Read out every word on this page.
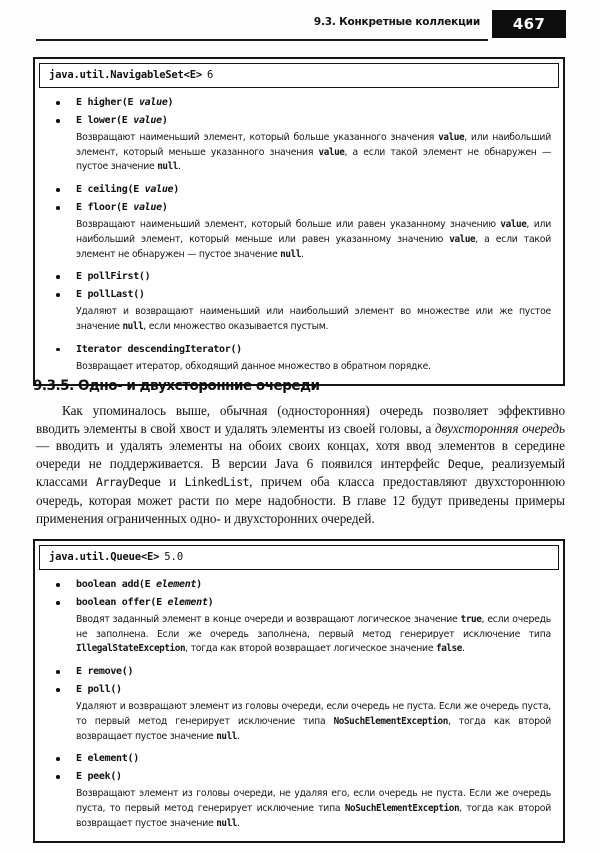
9.3. Конкретные коллекции	467
java.util.NavigableSet<E> 6
E higher(E value)
E lower(E value)

Возвращают наименьший элемент, который больше указанного значения value, или наибольший элемент, который меньше указанного значения value, а если такой элемент не обнаружен — пустое значение null.

E ceiling(E value)
E floor(E value)

Возвращают наименьший элемент, который больше или равен указанному значению value, или наибольший элемент, который меньше или равен указанному значению value, а если такой элемент не обнаружен — пустое значение null.

E pollFirst()
E pollLast()

Удаляют и возвращают наименьший или наибольший элемент во множестве или же пустое значение null, если множество оказывается пустым.

Iterator descendingIterator()

Возвращает итератор, обходящий данное множество в обратном порядке.

9.3.5. Одно- и двухсторонние очереди
Как упоминалось выше, обычная (односторонняя) очередь позволяет эффективно вводить элементы в свой хвост и удалять элементы из своей головы, а двухсторонняя очередь — вводить и удалять элементы на обоих своих концах, хотя ввод элементов в середине очереди не поддерживается. В версии Java 6 появился интерфейс Deque, реализуемый классами ArrayDeque и LinkedList, причем оба класса предоставляют двухстороннюю очередь, которая может расти по мере надобности. В главе 12 будут приведены примеры применения ограниченных одно- и двухсторонних очередей.
java.util.Queue<E> 5.0
boolean add(E element)
boolean offer(E element)

Вводят заданный элемент в конце очереди и возвращают логическое значение true, если очередь не заполнена. Если же очередь заполнена, первый метод генерирует исключение типа IllegalStateException, тогда как второй возвращает логическое значение false.

E remove()
E poll()

Удаляют и возвращают элемент из головы очереди, если очередь не пуста. Если же очередь пуста, то первый метод генерирует исключение типа NoSuchElementException, тогда как второй возвращает пустое значение null.

E element()
E peek()

Возвращают элемент из головы очереди, не удаляя его, если очередь не пуста. Если же очередь пуста, то первый метод генерирует исключение типа NoSuchElementException, тогда как второй возвращает пустое значение null.
